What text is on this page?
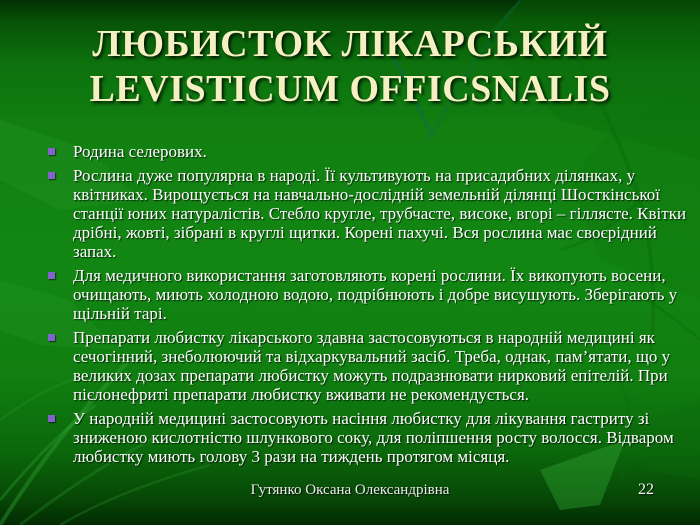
ЛЮБИСТОК ЛІКАРСЬКИЙ
LEVISTICUM OFFICSNALIS
Родина селерових.
Рослина дуже популярна в народі. Її культивують на присадибних ділянках, у квітниках. Вирощується на навчально-дослідній земельній ділянці Шосткінської станції юних натуралістів. Стебло кругле, трубчасте, високе, вгорі – гіллясте. Квітки дрібні, жовті, зібрані в круглі щитки. Корені пахучі. Вся рослина має своєрідний запах.
Для медичного використання заготовляють корені рослини. Їх викопують восени, очищають, миють холодною водою, подрібнюють і добре висушують. Зберігають у щільній тарі.
Препарати любистку лікарського здавна застосовуються в народній медицині як сечогінний, знеболюючий та відхаркувальний засіб. Треба, однак, пам’ятати, що у великих дозах препарати любистку можуть подразнювати нирковий епітелій. При пієлонефриті препарати любистку вживати не рекомендується.
У народній медицині застосовують насіння любистку для лікування гастриту зі зниженою кислотністю шлункового соку, для поліпшення росту волосся. Відваром любистку миють голову 3 рази на тиждень протягом місяця.
Гутянко Оксана Олександрівна	22
